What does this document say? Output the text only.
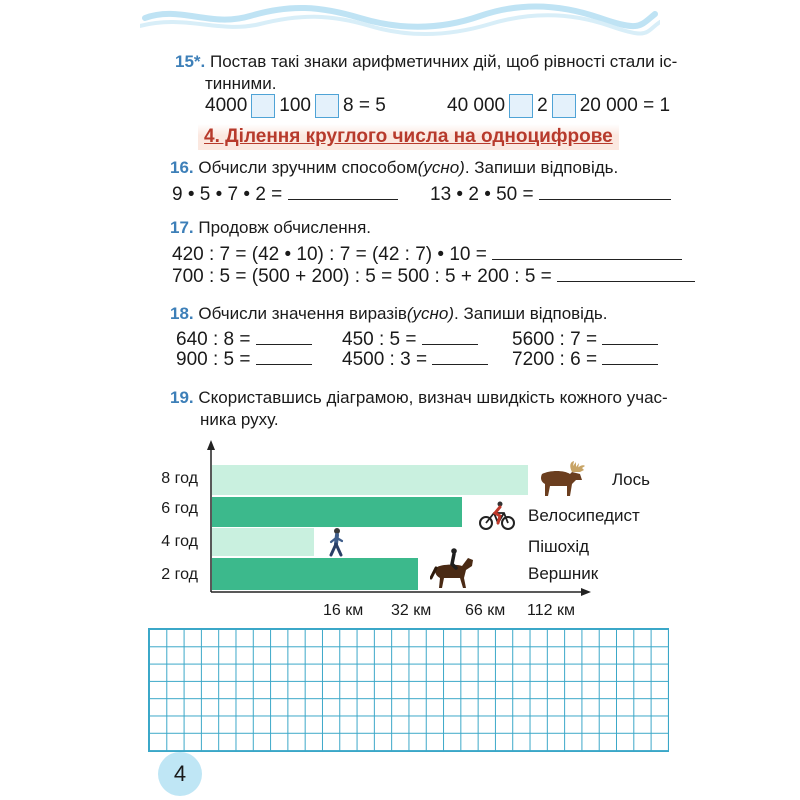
15*. Постав такі знаки арифметичних дій, щоб рівності стали іс-
тинними.
4000 100 8 = 5	40 000 2 20 000 = 1
4. Ділення круглого числа на одноцифрове
16. Обчисли зручним способом(усно). Запиши відповідь.
9 • 5 • 7 • 2 =	13 • 2 • 50 =
17. Продовж обчислення.
420 : 7 = (42 • 10) : 7 = (42 : 7) • 10 =
700 : 5 = (500 + 200) : 5 = 500 : 5 + 200 : 5 =
18. Обчисли значення виразів(усно). Запиши відповідь.
640 : 8 =	450 : 5 =	5600 : 7 =
900 : 5 =	4500 : 3 =	7200 : 6 =
19. Скориставшись діаграмою, визнач швидкість кожного учас-
ника руху.
8 год
6 год
4 год
2 год
16 км 32 км 66 км 112 км
Лось
Велосипедист
Пішохід
Вершник
4
